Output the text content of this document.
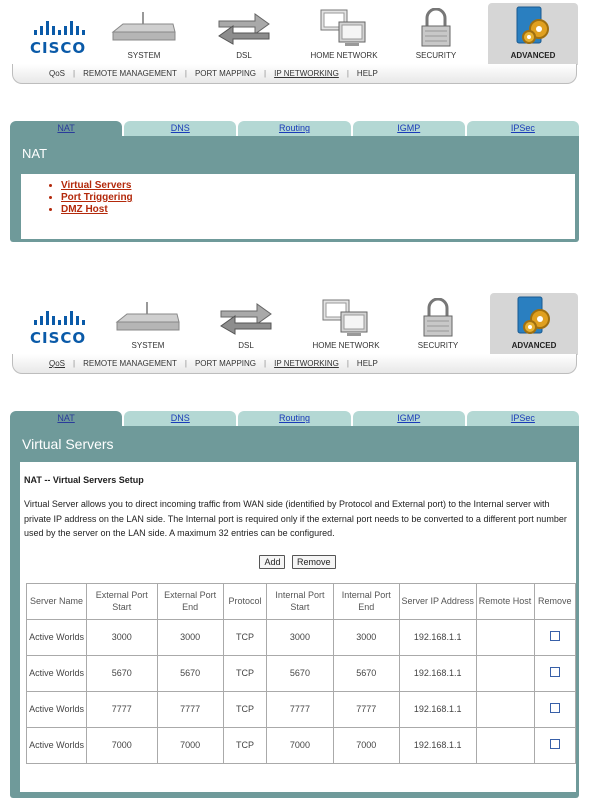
CISCO	SYSTEM	DSL	HOME NETWORK	SECURITY	ADVANCED
QoS	|	REMOTE MANAGEMENT	|	PORT MAPPING	|	IP NETWORKING	|	HELP
NAT	DNS	Routing	IGMP	IPSec
NAT
• Virtual Servers
• Port Triggering
• DMZ Host
CISCO	SYSTEM	DSL	HOME NETWORK	SECURITY	ADVANCED
QoS	|	REMOTE MANAGEMENT	|	PORT MAPPING	|	IP NETWORKING	|	HELP
NAT	DNS	Routing	IGMP	IPSec
Virtual Servers
NAT -- Virtual Servers Setup

Virtual Server allows you to direct incoming traffic from WAN side (identified by Protocol and External port) to the Internal server with private IP address on the LAN side. The Internal port is required only if the external port needs to be converted to a different port number used by the server on the LAN side. A maximum 32 entries can be configured.

Add Remove
Server Name	External Port Start	External Port End	Protocol	Internal Port Start	Internal Port End	Server IP Address	Remote Host	Remove
Active Worlds	3000	3000	TCP	3000	3000	192.168.1.1		
Active Worlds	5670	5670	TCP	5670	5670	192.168.1.1		
Active Worlds	7777	7777	TCP	7777	7777	192.168.1.1		
Active Worlds	7000	7000	TCP	7000	7000	192.168.1.1		
